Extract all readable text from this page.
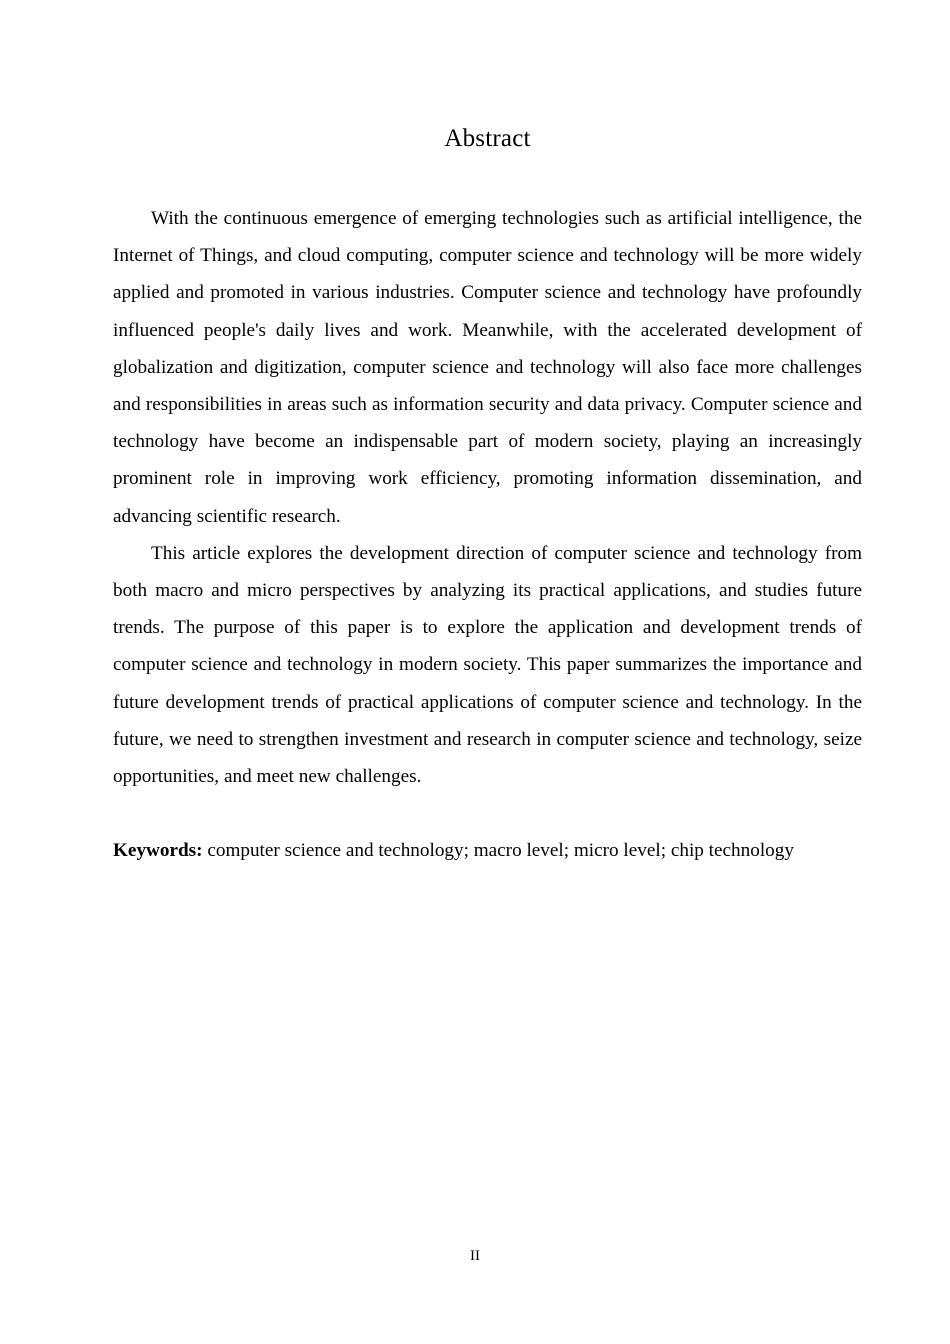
Abstract

With the continuous emergence of emerging technologies such as artificial intelligence, the Internet of Things, and cloud computing, computer science and technology will be more widely applied and promoted in various industries. Computer science and technology have profoundly influenced people's daily lives and work. Meanwhile, with the accelerated development of globalization and digitization, computer science and technology will also face more challenges and responsibilities in areas such as information security and data privacy. Computer science and technology have become an indispensable part of modern society, playing an increasingly prominent role in improving work efficiency, promoting information dissemination, and advancing scientific research.

This article explores the development direction of computer science and technology from both macro and micro perspectives by analyzing its practical applications, and studies future trends. The purpose of this paper is to explore the application and development trends of computer science and technology in modern society. This paper summarizes the importance and future development trends of practical applications of computer science and technology. In the future, we need to strengthen investment and research in computer science and technology, seize opportunities, and meet new challenges.

Keywords: computer science and technology; macro level; micro level; chip technology

II
